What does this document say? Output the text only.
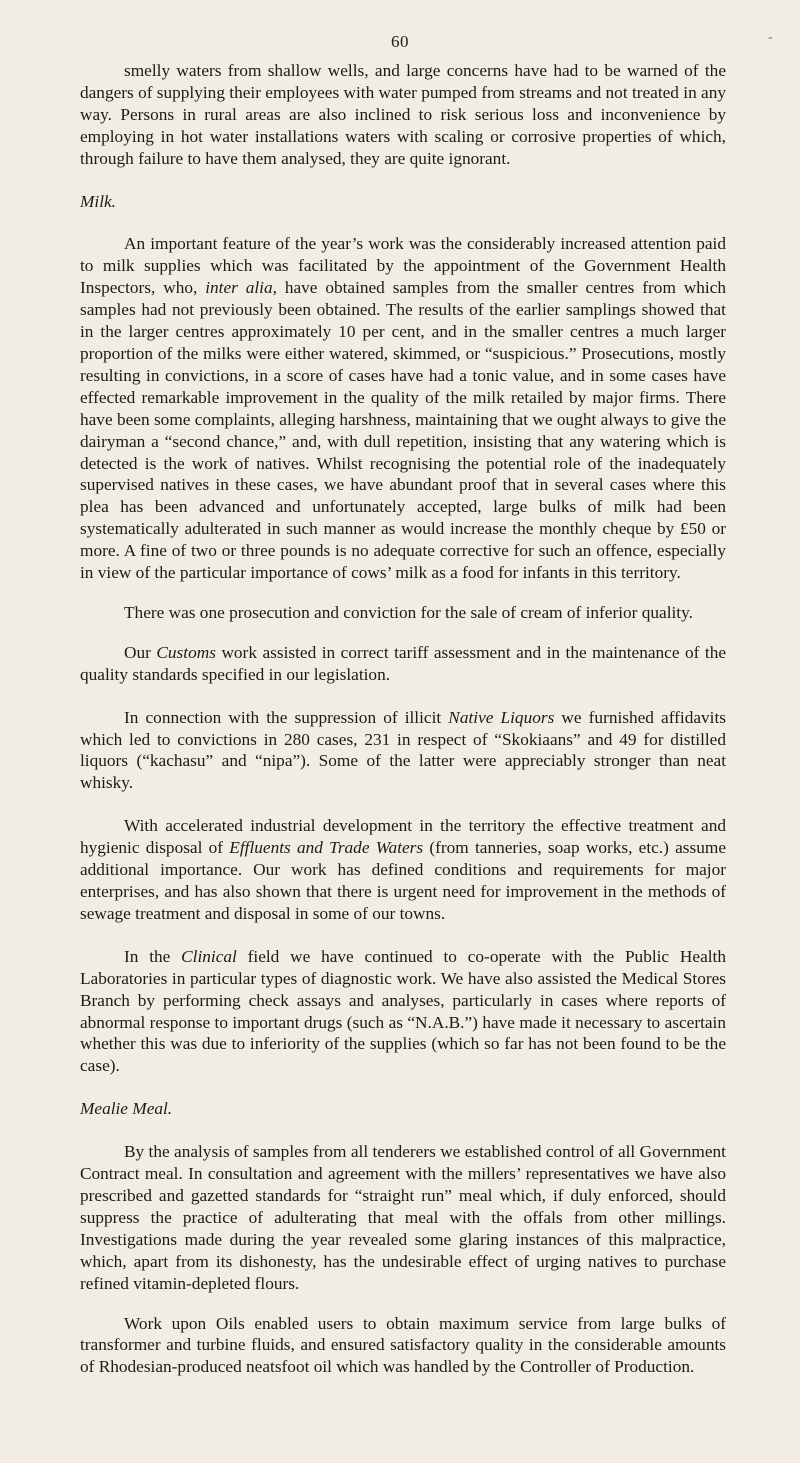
60	-

smelly waters from shallow wells, and large concerns have had to be warned of the dangers of supplying their employees with water pumped from streams and not treated in any way. Persons in rural areas are also inclined to risk serious loss and inconvenience by employing in hot water installations waters with scaling or corrosive properties of which, through failure to have them analysed, they are quite ignorant.

Milk.

An important feature of the year’s work was the considerably increased attention paid to milk supplies which was facilitated by the appointment of the Government Health Inspectors, who, inter alia, have obtained samples from the smaller centres from which samples had not previously been obtained. The results of the earlier samplings showed that in the larger centres approximately 10 per cent, and in the smaller centres a much larger proportion of the milks were either watered, skimmed, or “suspicious.” Prosecutions, mostly resulting in convictions, in a score of cases have had a tonic value, and in some cases have effected remarkable improvement in the quality of the milk retailed by major firms. There have been some complaints, alleging harshness, maintaining that we ought always to give the dairyman a “second chance,” and, with dull repetition, insisting that any watering which is detected is the work of natives. Whilst recognising the potential role of the inadequately supervised natives in these cases, we have abundant proof that in several cases where this plea has been advanced and unfortunately accepted, large bulks of milk had been systematically adulterated in such manner as would increase the monthly cheque by £50 or more. A fine of two or three pounds is no adequate corrective for such an offence, especially in view of the particular importance of cows’ milk as a food for infants in this territory.

There was one prosecution and conviction for the sale of cream of inferior quality.

Our Customs work assisted in correct tariff assessment and in the maintenance of the quality standards specified in our legislation.

In connection with the suppression of illicit Native Liquors we furnished affidavits which led to convictions in 280 cases, 231 in respect of “Skokiaans” and 49 for distilled liquors (“kachasu” and “nipa”). Some of the latter were appreciably stronger than neat whisky.

With accelerated industrial development in the territory the effective treatment and hygienic disposal of Effluents and Trade Waters (from tanneries, soap works, etc.) assume additional importance. Our work has defined conditions and requirements for major enterprises, and has also shown that there is urgent need for improvement in the methods of sewage treatment and disposal in some of our towns.

In the Clinical field we have continued to co-operate with the Public Health Laboratories in particular types of diagnostic work. We have also assisted the Medical Stores Branch by performing check assays and analyses, particularly in cases where reports of abnormal response to important drugs (such as “N.A.B.”) have made it necessary to ascertain whether this was due to inferiority of the supplies (which so far has not been found to be the case).

Mealie Meal.

By the analysis of samples from all tenderers we established control of all Government Contract meal. In consultation and agreement with the millers’ representatives we have also prescribed and gazetted standards for “straight run” meal which, if duly enforced, should suppress the practice of adulterating that meal with the offals from other millings. Investigations made during the year revealed some glaring instances of this malpractice, which, apart from its dishonesty, has the undesirable effect of urging natives to purchase refined vitamin-depleted flours.

Work upon Oils enabled users to obtain maximum service from large bulks of transformer and turbine fluids, and ensured satisfactory quality in the considerable amounts of Rhodesian-produced neatsfoot oil which was handled by the Controller of Production.
